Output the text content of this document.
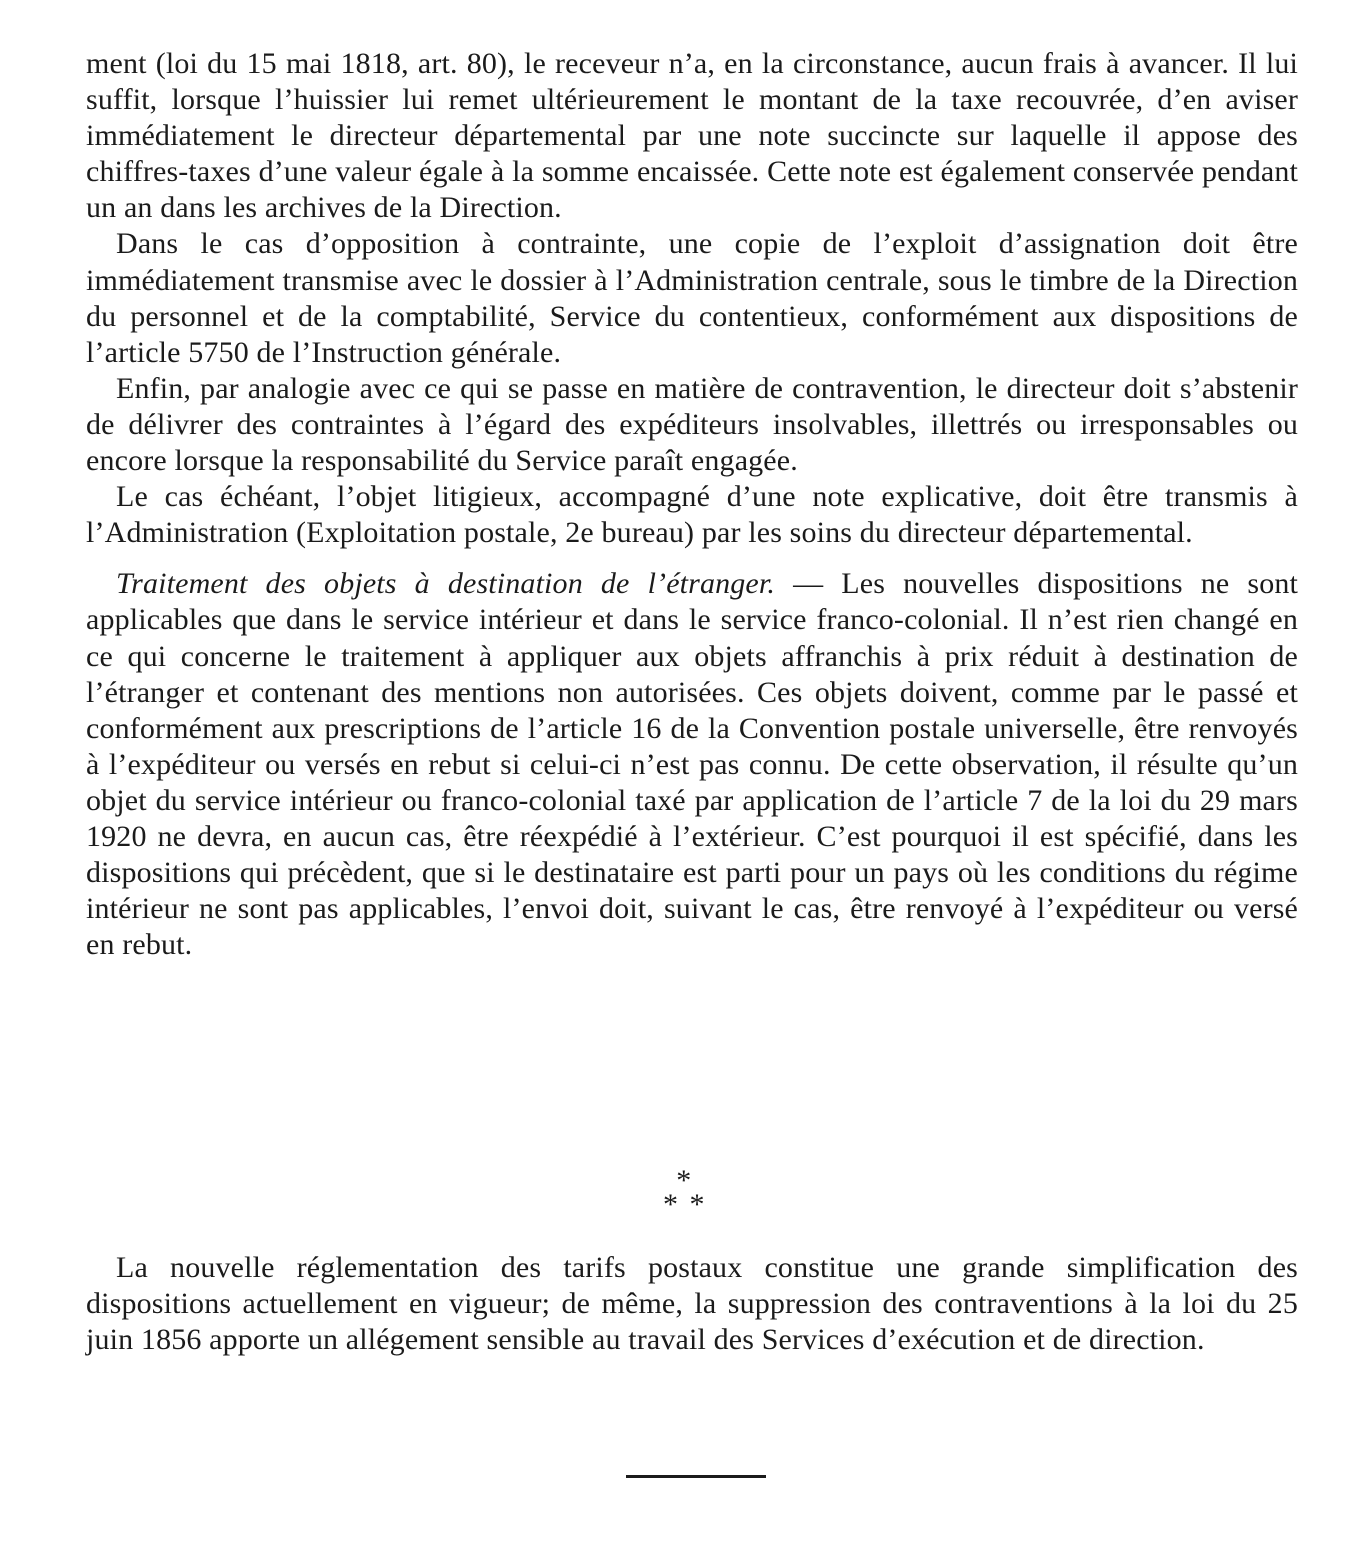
ment (loi du 15 mai 1818, art. 80), le receveur n’a, en la circonstance, aucun frais à avancer. Il lui suffit, lorsque l’huissier lui remet ultérieurement le montant de la taxe recouvrée, d’en aviser immédiatement le directeur départemental par une note succincte sur laquelle il appose des chiffres-taxes d’une valeur égale à la somme encaissée. Cette note est également conservée pendant un an dans les archives de la Direction.

Dans le cas d’opposition à contrainte, une copie de l’exploit d’assignation doit être immédiatement transmise avec le dossier à l’Administration centrale, sous le timbre de la Direction du personnel et de la comptabilité, Service du contentieux, conformément aux dispositions de l’article 5750 de l’Instruction générale.

Enfin, par analogie avec ce qui se passe en matière de contravention, le directeur doit s’abstenir de délivrer des contraintes à l’égard des expéditeurs insolvables, illettrés ou irresponsables ou encore lorsque la responsabilité du Service paraît engagée.

Le cas échéant, l’objet litigieux, accompagné d’une note explicative, doit être transmis à l’Administration (Exploitation postale, 2e bureau) par les soins du directeur départemental.

Traitement des objets à destination de l’étranger. — Les nouvelles dispositions ne sont applicables que dans le service intérieur et dans le service franco-colonial. Il n’est rien changé en ce qui concerne le traitement à appliquer aux objets affranchis à prix réduit à destination de l’étranger et contenant des mentions non autorisées. Ces objets doivent, comme par le passé et conformément aux prescriptions de l’article 16 de la Convention postale universelle, être renvoyés à l’expéditeur ou versés en rebut si celui-ci n’est pas connu. De cette observation, il résulte qu’un objet du service intérieur ou franco-colonial taxé par application de l’article 7 de la loi du 29 mars 1920 ne devra, en aucun cas, être réexpédié à l’extérieur. C’est pourquoi il est spécifié, dans les dispositions qui précèdent, que si le destinataire est parti pour un pays où les conditions du régime intérieur ne sont pas applicables, l’envoi doit, suivant le cas, être renvoyé à l’expéditeur ou versé en rebut.

*
* *

La nouvelle réglementation des tarifs postaux constitue une grande simplification des dispositions actuellement en vigueur; de même, la suppression des contraventions à la loi du 25 juin 1856 apporte un allégement sensible au travail des Services d’exécution et de direction.
